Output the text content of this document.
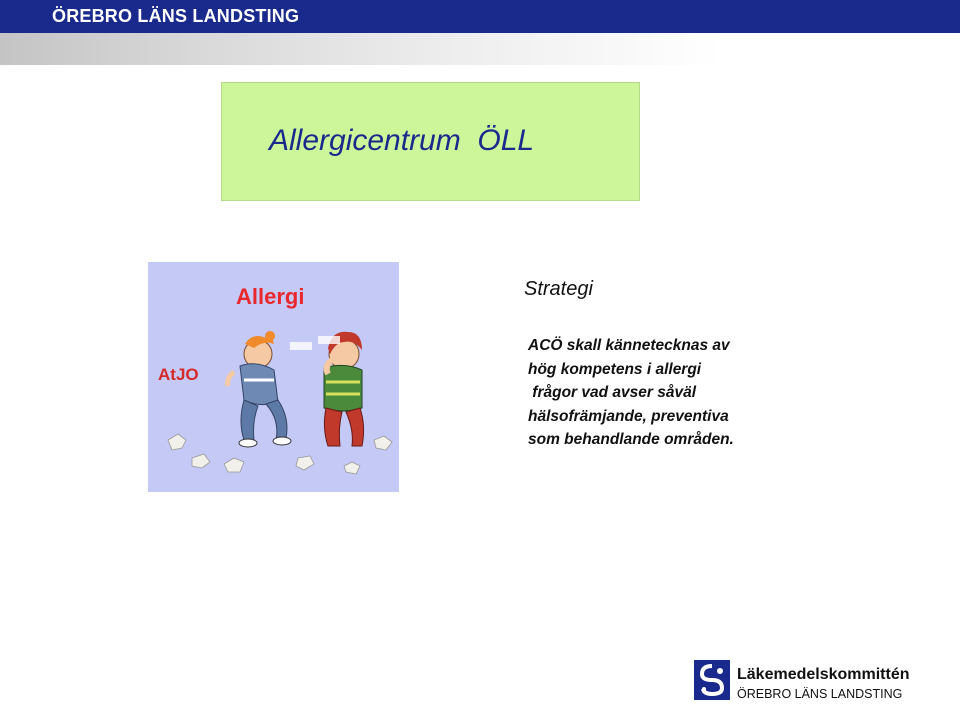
ÖREBRO LÄNS LANDSTING
Allergicentrum  ÖLL
Allergi
AtJO
Strategi
ACÖ skall kännetecknas av
hög kompetens i allergi
frågor vad avser såväl
hälsofrämjande, preventiva
som behandlande områden.
Läkemedelskommittén
ÖREBRO LÄNS LANDSTING
